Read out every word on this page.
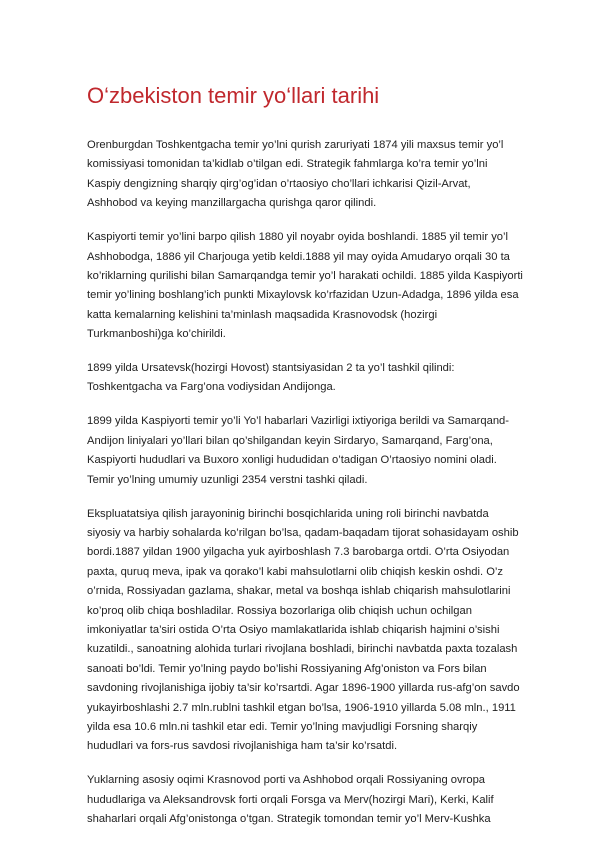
O‘zbekiston temir yo‘llari tarihi

Orenburgdan Toshkentgacha temir yo’lni qurish zaruriyati 1874 yili maxsus temir yo’l
komissiyasi tomonidan ta’kidlab o’tilgan edi. Strategik fahmlarga ko’ra temir yo’lni
Kaspiy dengizning sharqiy qirg’og’idan o’rtaosiyo cho’llari ichkarisi Qizil-Arvat,
Ashhobod va keying manzillargacha qurishga qaror qilindi.

Kaspiyorti temir yo’lini barpo qilish 1880 yil noyabr oyida boshlandi. 1885 yil temir yo’l
Ashhobodga, 1886 yil Charjouga yetib keldi.1888 yil may oyida Amudaryo orqali 30 ta
ko’riklarning qurilishi bilan Samarqandga temir yo’l harakati ochildi. 1885 yilda Kaspiyorti
temir yo’lining boshlang’ich punkti Mixaylovsk ko’rfazidan Uzun-Adadga, 1896 yilda esa
katta kemalarning kelishini ta’minlash maqsadida Krasnovodsk (hozirgi
Turkmanboshi)ga ko’chirildi.

1899 yilda Ursatevsk(hozirgi Hovost) stantsiyasidan 2 ta yo’l tashkil qilindi:
Toshkentgacha va Farg’ona vodiysidan Andijonga.

1899 yilda Kaspiyorti temir yo’li Yo’l habarlari Vazirligi ixtiyoriga berildi va Samarqand-
Andijon liniyalari yo’llari bilan qo’shilgandan keyin Sirdaryo, Samarqand, Farg’ona,
Kaspiyorti hududlari va Buxoro xonligi hududidan o’tadigan O’rtaosiyo nomini oladi.
Temir yo’lning umumiy uzunligi 2354 verstni tashki qiladi.

Ekspluatatsiya qilish jarayoninig birinchi bosqichlarida uning roli birinchi navbatda
siyosiy va harbiy sohalarda ko’rilgan bo’lsa, qadam-baqadam tijorat sohasidayam oshib
bordi.1887 yildan 1900 yilgacha yuk ayirboshlash 7.3 barobarga ortdi. O’rta Osiyodan
paxta, quruq meva, ipak va qorako’l kabi mahsulotlarni olib chiqish keskin oshdi. O’z
o’rnida, Rossiyadan gazlama, shakar, metal va boshqa ishlab chiqarish mahsulotlarini
ko’proq olib chiqa boshladilar. Rossiya bozorlariga olib chiqish uchun ochilgan
imkoniyatlar ta’siri ostida O’rta Osiyo mamlakatlarida ishlab chiqarish hajmini o’sishi
kuzatildi., sanoatning alohida turlari rivojlana boshladi, birinchi navbatda paxta tozalash
sanoati bo’ldi. Temir yo’lning paydo bo’lishi Rossiyaning Afg’oniston va Fors bilan
savdoning rivojlanishiga ijobiy ta’sir ko’rsartdi. Agar 1896-1900 yillarda rus-afg’on savdo
yukayirboshlashi 2.7 mln.rublni tashkil etgan bo’lsa, 1906-1910 yillarda 5.08 mln., 1911
yilda esa 10.6 mln.ni tashkil etar edi. Temir yo’lning mavjudligi Forsning sharqiy
hududlari va fors-rus savdosi rivojlanishiga ham ta’sir ko’rsatdi.

Yuklarning asosiy oqimi Krasnovod porti va Ashhobod orqali Rossiyaning ovropa
hududlariga va Aleksandrovsk forti orqali Forsga va Merv(hozirgi Mari), Kerki, Kalif
shaharlari orqali Afg’onistonga o’tgan. Strategik tomondan temir yo’l Merv-Kushka
